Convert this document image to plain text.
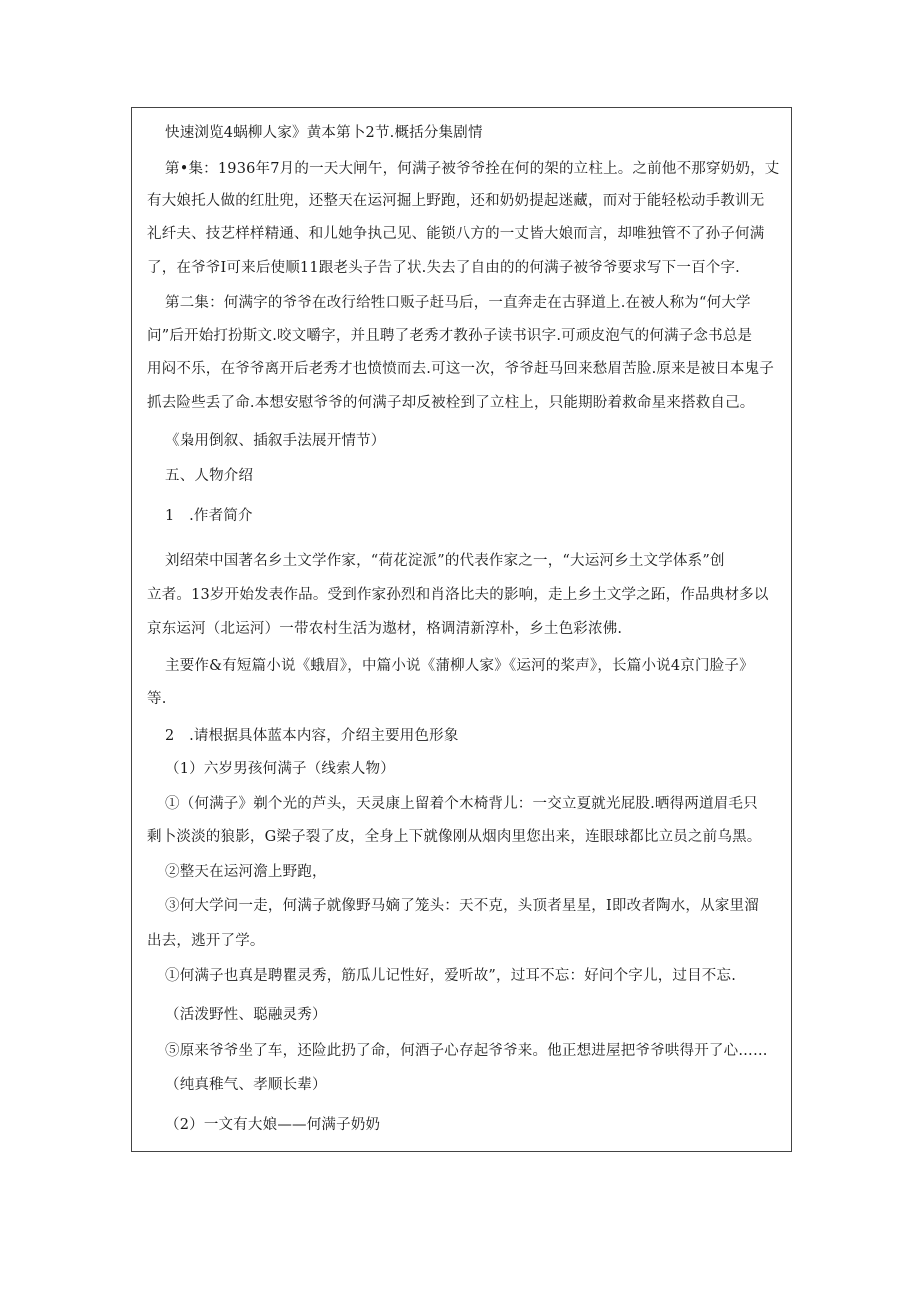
快速浏览4蜗柳人家》黄本第卜2节.概括分集剧情
第•集：1936年7月的一天大闸午，何满子被爷爷拴在何的架的立柱上。之前他不那穿奶奶，丈
有大娘托人做的红肚兜，还整天在运河掘上野跑，还和奶奶提起迷藏，而对于能轻松动手教训无
礼纤夫、技艺样样精通、和儿她争执己见、能锁八方的一丈皆大娘而言，却唯独管不了孙子何满
了，在爷爷I可来后使顺11跟老头子告了状.失去了自由的的何满子被爷爷要求写下一百个字.
第二集：何满字的爷爷在改行给牲口贩子赶马后，一直奔走在古驿道上.在被人称为“何大学
问”后开始打扮斯文.咬文嚼字，并且聘了老秀才教孙子读书识字.可顽皮泡气的何满子念书总是
用闷不乐，在爷爷离开后老秀才也愤愤而去.可这一次，爷爷赶马回来愁眉苦脸.原来是被日本鬼子
抓去险些丢了命.本想安慰爷爷的何满子却反被栓到了立柱上，只能期盼着救命星来搭救自己。
《枭用倒叙、插叙手法展开情节）
五、人物介绍
1　.作者简介
刘绍荣中国著名乡土文学作家，“荷花淀派”的代表作家之一，“大运河乡土文学体系”创
立者。13岁开始发表作品。受到作家孙烈和肖洛比夫的影响，走上乡土文学之跖，作品典材多以
京东运河（北运河）一带农村生活为遨材，格调清新淳朴，乡土色彩浓佛.
主要作&有短篇小说《蛾眉》，中篇小说《蒲柳人家》《运河的桨声》，长篇小说4京门脸子》
等.
2　.请根据具体蓝本内容，介绍主要用色形象
（1）六岁男孩何满子（线索人物）
①（何满子》剃个光的芦头，天灵康上留着个木椅背儿：一交立夏就光屁股.晒得两道眉毛只
剩卜淡淡的狼影，G梁子裂了皮，全身上下就像刚从烟肉里您出来，连眼球都比立员之前乌黑。
②整天在运河澹上野跑，
③何大学问一走，何满子就像野马嫡了笼头：天不克，头顶者星星，I即改者陶水，从家里溜
出去，逃开了学。
①何满子也真是聘瞿灵秀，筋瓜儿记性好，爱听故”，过耳不忘：好问个字儿，过目不忘.
（活泼野性、聪融灵秀）
⑤原来爷爷坐了车，还险此扔了命，何酒子心存起爷爷来。他正想进屋把爷爷哄得开了心……
（纯真稚气、孝顺长辈）
（2）一文有大娘——何满子奶奶
